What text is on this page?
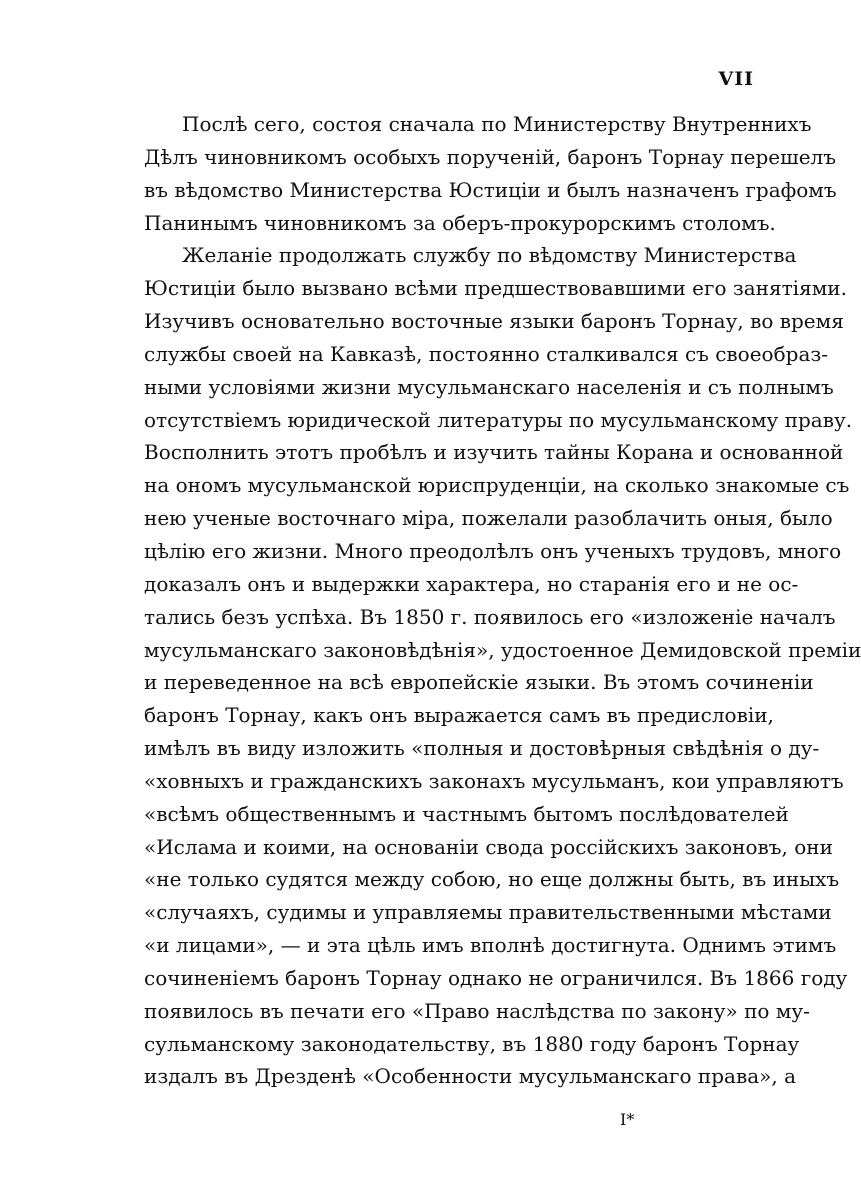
VII
Послѣ сего, состоя сначала по Министерству Внутреннихъ
Дѣлъ чиновникомъ особыхъ порученій, баронъ Торнау перешелъ
въ вѣдомство Министерства Юстиціи и былъ назначенъ графомъ
Панинымъ чиновникомъ за оберъ-прокурорскимъ столомъ.
Желаніе продолжать службу по вѣдомству Министерства
Юстиціи было вызвано всѣми предшествовавшими его занятіями.
Изучивъ основательно восточные языки баронъ Торнау, во время
службы своей на Кавказѣ, постоянно сталкивался съ своеобраз-
ными условіями жизни мусульманскаго населенія и съ полнымъ
отсутствіемъ юридической литературы по мусульманскому праву.
Восполнить этотъ пробѣлъ и изучить тайны Корана и основанной
на ономъ мусульманской юриспруденціи, на сколько знакомые съ
нею ученые восточнаго міра, пожелали разоблачить оныя, было
цѣлію его жизни. Много преодолѣлъ онъ ученыхъ трудовъ, много
доказалъ онъ и выдержки характера, но старанія его и не ос-
тались безъ успѣха. Въ 1850 г. появилось его «изложеніе началъ
мусульманскаго законовѣдѣнія», удостоенное Демидовской преміи
и переведенное на всѣ европейскіе языки. Въ этомъ сочиненіи
баронъ Торнау, какъ онъ выражается самъ въ предисловіи,
имѣлъ въ виду изложить «полныя и достовѣрныя свѣдѣнія о ду-
«ховныхъ и гражданскихъ законахъ мусульманъ, кои управляютъ
«всѣмъ общественнымъ и частнымъ бытомъ послѣдователей
«Ислама и коими, на основаніи свода россійскихъ законовъ, они
«не только судятся между собою, но еще должны быть, въ иныхъ
«случаяхъ, судимы и управляемы правительственными мѣстами
«и лицами», — и эта цѣль имъ вполнѣ достигнута. Однимъ этимъ
сочиненіемъ баронъ Торнау однако не ограничился. Въ 1866 году
появилось въ печати его «Право наслѣдства по закону» по му-
сульманскому законодательству, въ 1880 году баронъ Торнау
издалъ въ Дрезденѣ «Особенности мусульманскаго права», а
I*
